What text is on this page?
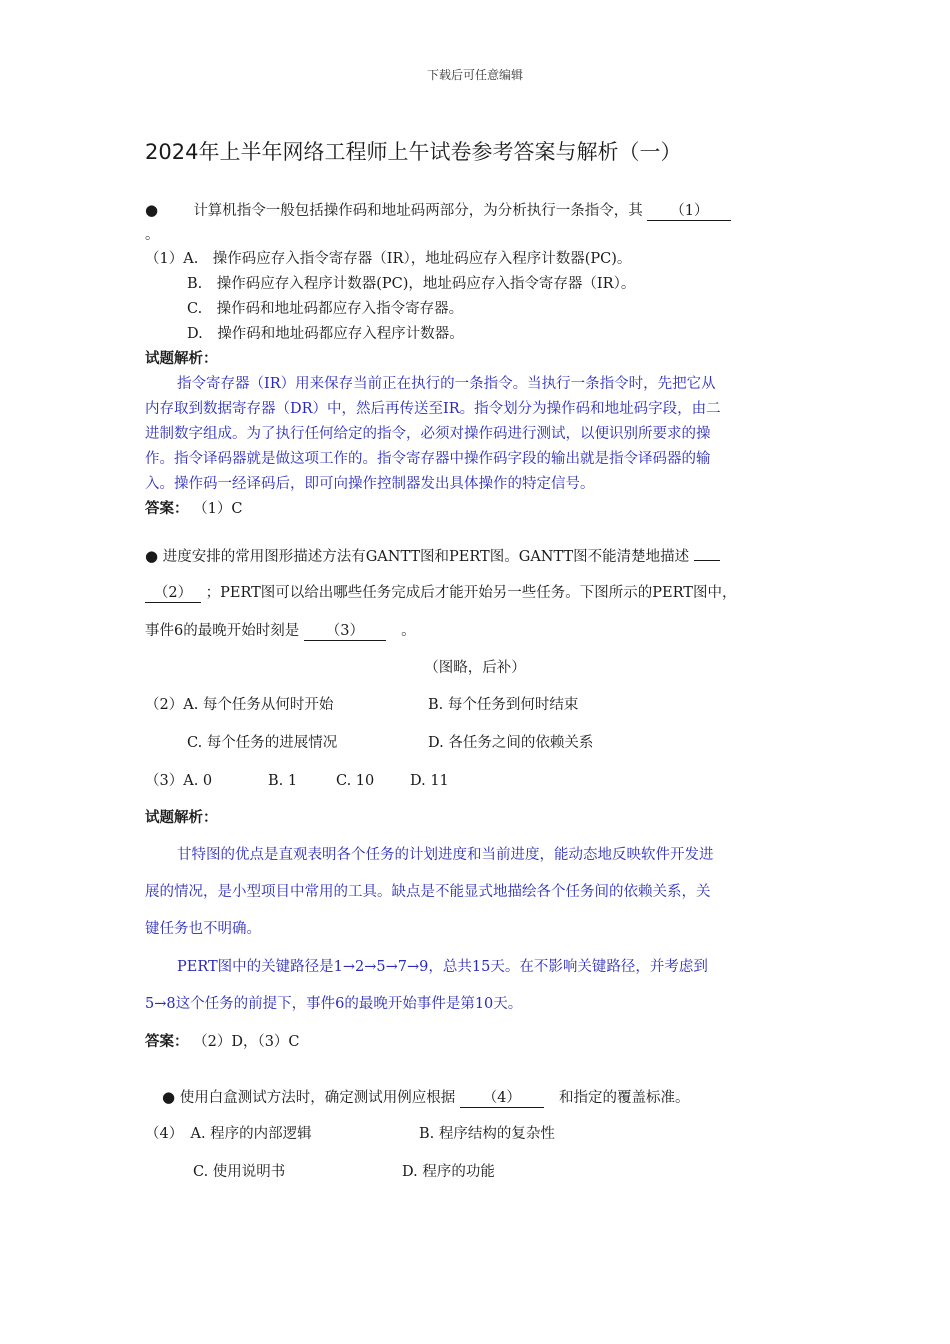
下载后可任意编辑
2024年上半年网络工程师上午试卷参考答案与解析（一）
● 计算机指令一般包括操作码和地址码两部分，为分析执行一条指令，其 （1）
。
（1）A.　操作码应存入指令寄存器（IR），地址码应存入程序计数器(PC)。
B.　操作码应存入程序计数器(PC)，地址码应存入指令寄存器（IR）。
C.　操作码和地址码都应存入指令寄存器。
D.　操作码和地址码都应存入程序计数器。
试题解析：
指令寄存器（IR）用来保存当前正在执行的一条指令。当执行一条指令时，先把它从
内存取到数据寄存器（DR）中，然后再传送至IR。指令划分为操作码和地址码字段，由二
进制数字组成。为了执行任何给定的指令，必须对操作码进行测试，以便识别所要求的操
作。指令译码器就是做这项工作的。指令寄存器中操作码字段的输出就是指令译码器的输
入。操作码一经译码后，即可向操作控制器发出具体操作的特定信号。
答案： （1）C
● 进度安排的常用图形描述方法有GANTT图和PERT图。GANTT图不能清楚地描述
（2） ；PERT图可以给出哪些任务完成后才能开始另一些任务。下图所示的PERT图中，
事件6的最晚开始时刻是 （3）	。
（图略，后补）
（2）A. 每个任务从何时开始	B. 每个任务到何时结束
C. 每个任务的进展情况	D. 各任务之间的依赖关系
（3）A. 0	B. 1	C. 10 D. 11
试题解析：
甘特图的优点是直观表明各个任务的计划进度和当前进度，能动态地反映软件开发进
展的情况，是小型项目中常用的工具。缺点是不能显式地描绘各个任务间的依赖关系，关
键任务也不明确。
PERT图中的关键路径是1→2→5→7→9，总共15天。在不影响关键路径，并考虑到
5→8这个任务的前提下，事件6的最晚开始事件是第10天。
答案： （2）D，（3）C
● 使用白盒测试方法时，确定测试用例应根据 （4）	和指定的覆盖标准。
（4）　A. 程序的内部逻辑	B. 程序结构的复杂性
C. 使用说明书	D. 程序的功能
